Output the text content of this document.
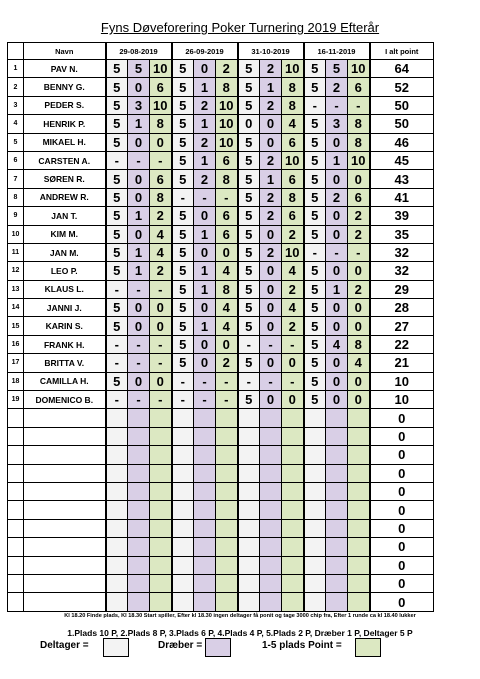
Fyns Døveforering Poker Turnering 2019 Efterår
	Navn	29-08-2019			26-09-2019			31-10-2019			16-11-2019			I alt point
1	PAV N.	5	5	10	5	0	2	5	2	10	5	5	10	64
2	BENNY G.	5	0	6	5	1	8	5	1	8	5	2	6	52
3	PEDER S.	5	3	10	5	2	10	5	2	8	-	-	-	50
4	HENRIK P.	5	1	8	5	1	10	0	0	4	5	3	8	50
5	MIKAEL H.	5	0	0	5	2	10	5	0	6	5	0	8	46
6	CARSTEN A.	-	-	-	5	1	6	5	2	10	5	1	10	45
7	SØREN R.	5	0	6	5	2	8	5	1	6	5	0	0	43
8	ANDREW R.	5	0	8	-	-	-	5	2	8	5	2	6	41
9	JAN T.	5	1	2	5	0	6	5	2	6	5	0	2	39
10	KIM M.	5	0	4	5	1	6	5	0	2	5	0	2	35
11	JAN M.	5	1	4	5	0	0	5	2	10	-	-	-	32
12	LEO P.	5	1	2	5	1	4	5	0	4	5	0	0	32
13	KLAUS L.	-	-	-	5	1	8	5	0	2	5	1	2	29
14	JANNI J.	5	0	0	5	0	4	5	0	4	5	0	0	28
15	KARIN S.	5	0	0	5	1	4	5	0	2	5	0	0	27
16	FRANK H.	-	-	-	5	0	0	-	-	-	5	4	8	22
17	BRITTA V.	-	-	-	5	0	2	5	0	0	5	0	4	21
18	CAMILLA H.	5	0	0	-	-	-	-	-	-	5	0	0	10
19	DOMENICO B.	-	-	-	-	-	-	5	0	0	5	0	0	10
														0
														0
														0
														0
														0
														0
														0
														0
														0
														0
														0
Kl 18.20 Finde plads, Kl 18.30 Start spiller, Efter kl 18.30 ingen deltager få ponit og tage 3000 chip fra, Efter 1 runde ca kl 18.40 lukker
1.Plads 10 P, 2.Plads 8 P, 3.Plads 6 P, 4.Plads 4 P, 5.Plads 2 P, Dræber 1 P, Deltager 5 P
Deltager =	Dræber =	1-5 plads Point =
